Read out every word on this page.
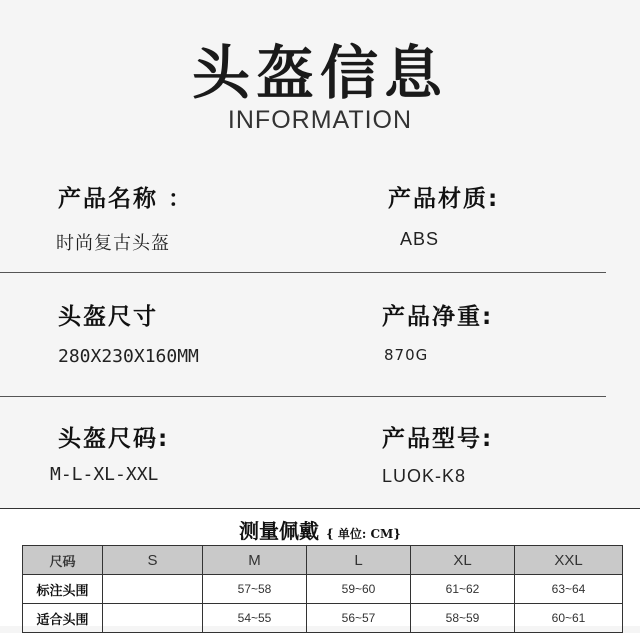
头盔信息
INFORMATION
产品名称 ：
时尚复古头盔
产品材质:
ABS
头盔尺寸
280X230X160MM
产品净重:
870G
头盔尺码:
M-L-XL-XXL
产品型号:
LUOK-K8
测量佩戴 { 单位: CM}
尺码	S	M	L	XL	XXL
标注头围		57~58	59~60	61~62	63~64
适合头围		54~55	56~57	58~59	60~61
